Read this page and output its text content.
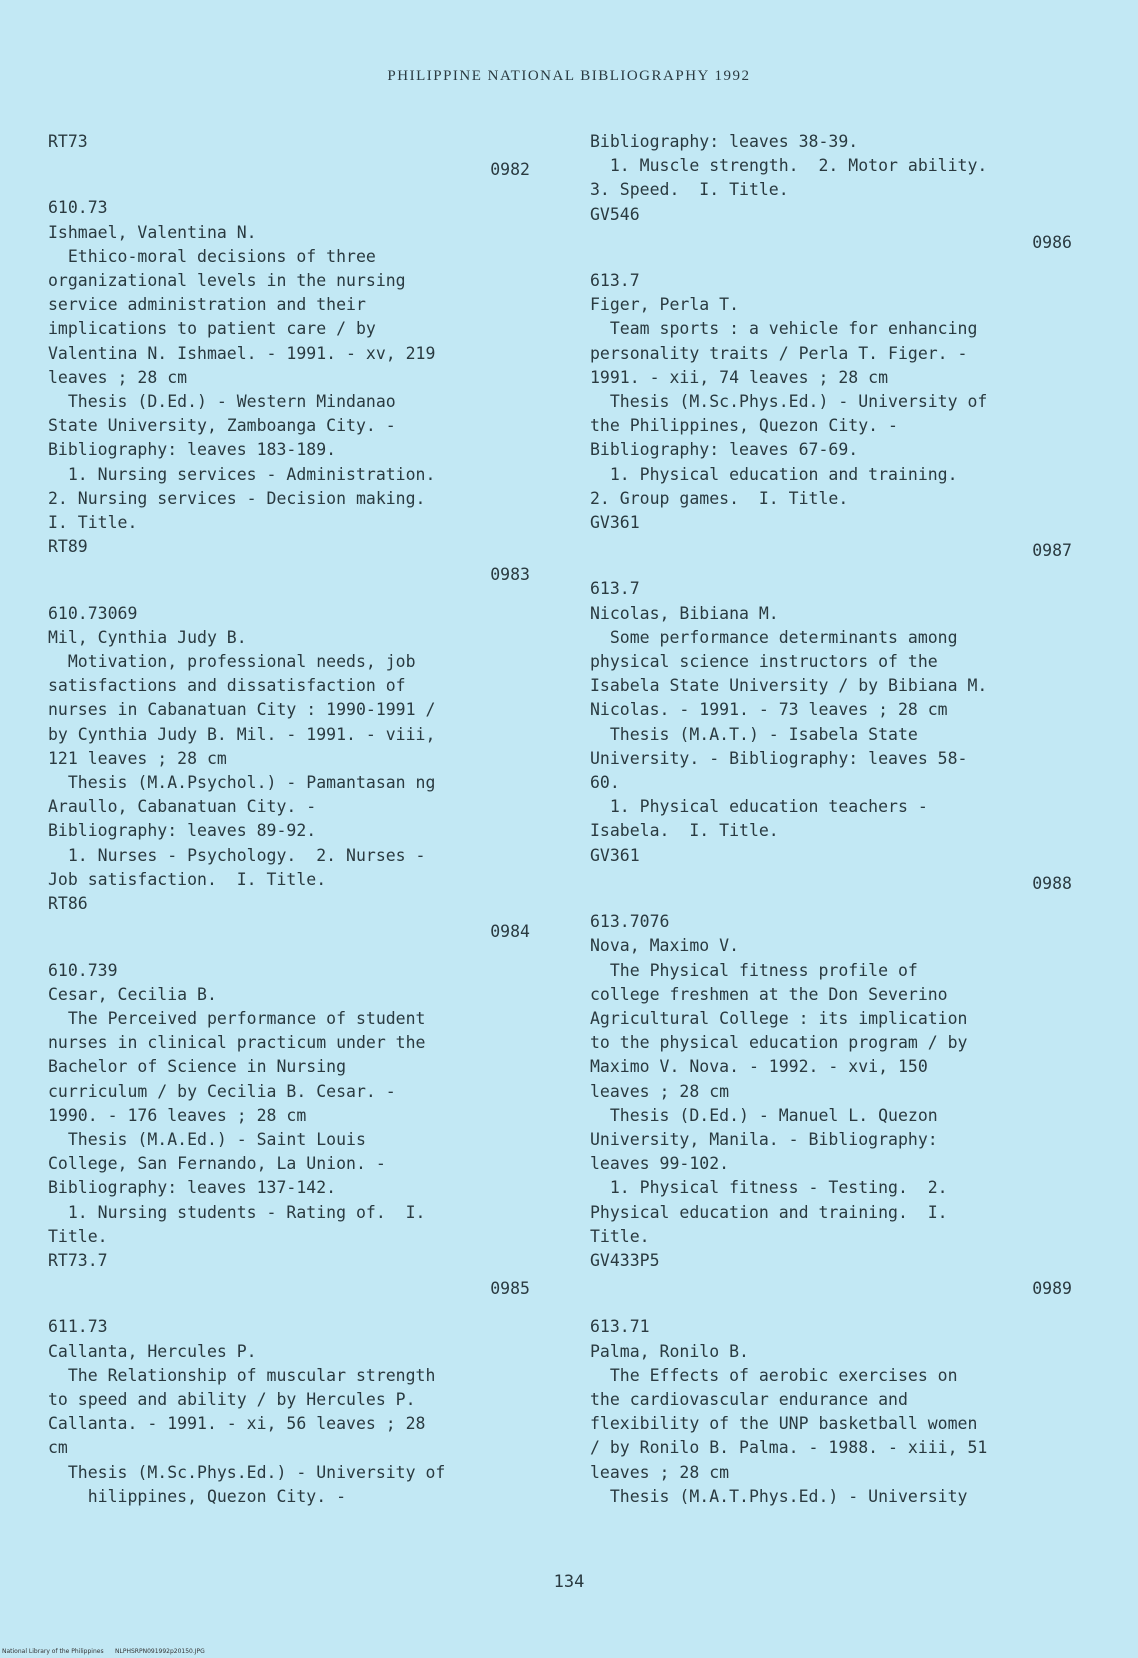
PHILIPPINE NATIONAL BIBLIOGRAPHY 1992
RT73
0982
610.73
Ishmael, Valentina N.
Ethico-moral decisions of three
organizational levels in the nursing
service administration and their
implications to patient care / by
Valentina N. Ishmael. - 1991. - xv, 219
leaves ; 28 cm
Thesis (D.Ed.) - Western Mindanao
State University, Zamboanga City. -
Bibliography: leaves 183-189.
1. Nursing services - Administration.
2. Nursing services - Decision making.
I. Title.
RT89
0983
610.73069
Mil, Cynthia Judy B.
Motivation, professional needs, job
satisfactions and dissatisfaction of
nurses in Cabanatuan City : 1990-1991 /
by Cynthia Judy B. Mil. - 1991. - viii,
121 leaves ; 28 cm
Thesis (M.A.Psychol.) - Pamantasan ng
Araullo, Cabanatuan City. -
Bibliography: leaves 89-92.
1. Nurses - Psychology.  2. Nurses -
Job satisfaction.  I. Title.
RT86
0984
610.739
Cesar, Cecilia B.
The Perceived performance of student
nurses in clinical practicum under the
Bachelor of Science in Nursing
curriculum / by Cecilia B. Cesar. -
1990. - 176 leaves ; 28 cm
Thesis (M.A.Ed.) - Saint Louis
College, San Fernando, La Union. -
Bibliography: leaves 137-142.
1. Nursing students - Rating of.  I.
Title.
RT73.7
0985
611.73
Callanta, Hercules P.
The Relationship of muscular strength
to speed and ability / by Hercules P.
Callanta. - 1991. - xi, 56 leaves ; 28
cm
Thesis (M.Sc.Phys.Ed.) - University of
hilippines, Quezon City. -
Bibliography: leaves 38-39.
1. Muscle strength.  2. Motor ability.
3. Speed.  I. Title.
GV546
0986
613.7
Figer, Perla T.
Team sports : a vehicle for enhancing
personality traits / Perla T. Figer. -
1991. - xii, 74 leaves ; 28 cm
Thesis (M.Sc.Phys.Ed.) - University of
the Philippines, Quezon City. -
Bibliography: leaves 67-69.
1. Physical education and training.
2. Group games.  I. Title.
GV361
0987
613.7
Nicolas, Bibiana M.
Some performance determinants among
physical science instructors of the
Isabela State University / by Bibiana M.
Nicolas. - 1991. - 73 leaves ; 28 cm
Thesis (M.A.T.) - Isabela State
University. - Bibliography: leaves 58-
60.
1. Physical education teachers -
Isabela.  I. Title.
GV361
0988
613.7076
Nova, Maximo V.
The Physical fitness profile of
college freshmen at the Don Severino
Agricultural College : its implication
to the physical education program / by
Maximo V. Nova. - 1992. - xvi, 150
leaves ; 28 cm
Thesis (D.Ed.) - Manuel L. Quezon
University, Manila. - Bibliography:
leaves 99-102.
1. Physical fitness - Testing.  2.
Physical education and training.  I.
Title.
GV433P5
0989
613.71
Palma, Ronilo B.
The Effects of aerobic exercises on
the cardiovascular endurance and
flexibility of the UNP basketball women
/ by Ronilo B. Palma. - 1988. - xiii, 51
leaves ; 28 cm
Thesis (M.A.T.Phys.Ed.) - University
134
National Library of the Philippines NLPHSRPN091992p20150.JPG
